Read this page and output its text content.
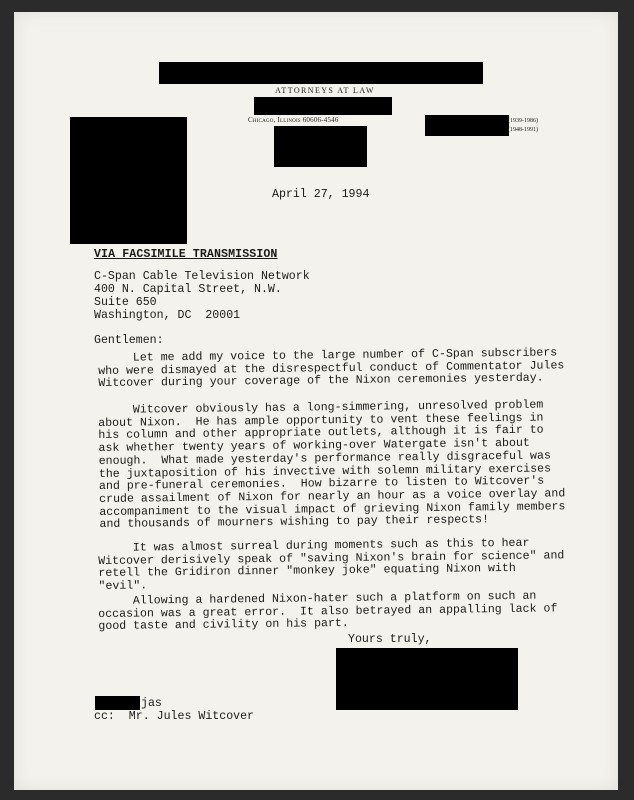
ATTORNEYS AT LAW
Chicago, Illinois 60606-4546	(1939-1986)
(1948-1991)
April 27, 1994
VIA FACSIMILE TRANSMISSION
C-Span Cable Television Network
400 N. Capital Street, N.W.
Suite 650
Washington, DC  20001
Gentlemen:
Let me add my voice to the large number of C-Span subscribers
who were dismayed at the disrespectful conduct of Commentator Jules
Witcover during your coverage of the Nixon ceremonies yesterday.
Witcover obviously has a long-simmering, unresolved problem
about Nixon.  He has ample opportunity to vent these feelings in
his column and other appropriate outlets, although it is fair to
ask whether twenty years of working-over Watergate isn't about
enough.  What made yesterday's performance really disgraceful was
the juxtaposition of his invective with solemn military exercises
and pre-funeral ceremonies.  How bizarre to listen to Witcover's
crude assailment of Nixon for nearly an hour as a voice overlay and
accompaniment to the visual impact of grieving Nixon family members
and thousands of mourners wishing to pay their respects!
It was almost surreal during moments such as this to hear
Witcover derisively speak of "saving Nixon's brain for science" and
retell the Gridiron dinner "monkey joke" equating Nixon with
"evil".
Allowing a hardened Nixon-hater such a platform on such an
occasion was a great error.  It also betrayed an appalling lack of
good taste and civility on his part.
Yours truly,
jas
cc:  Mr. Jules Witcover
